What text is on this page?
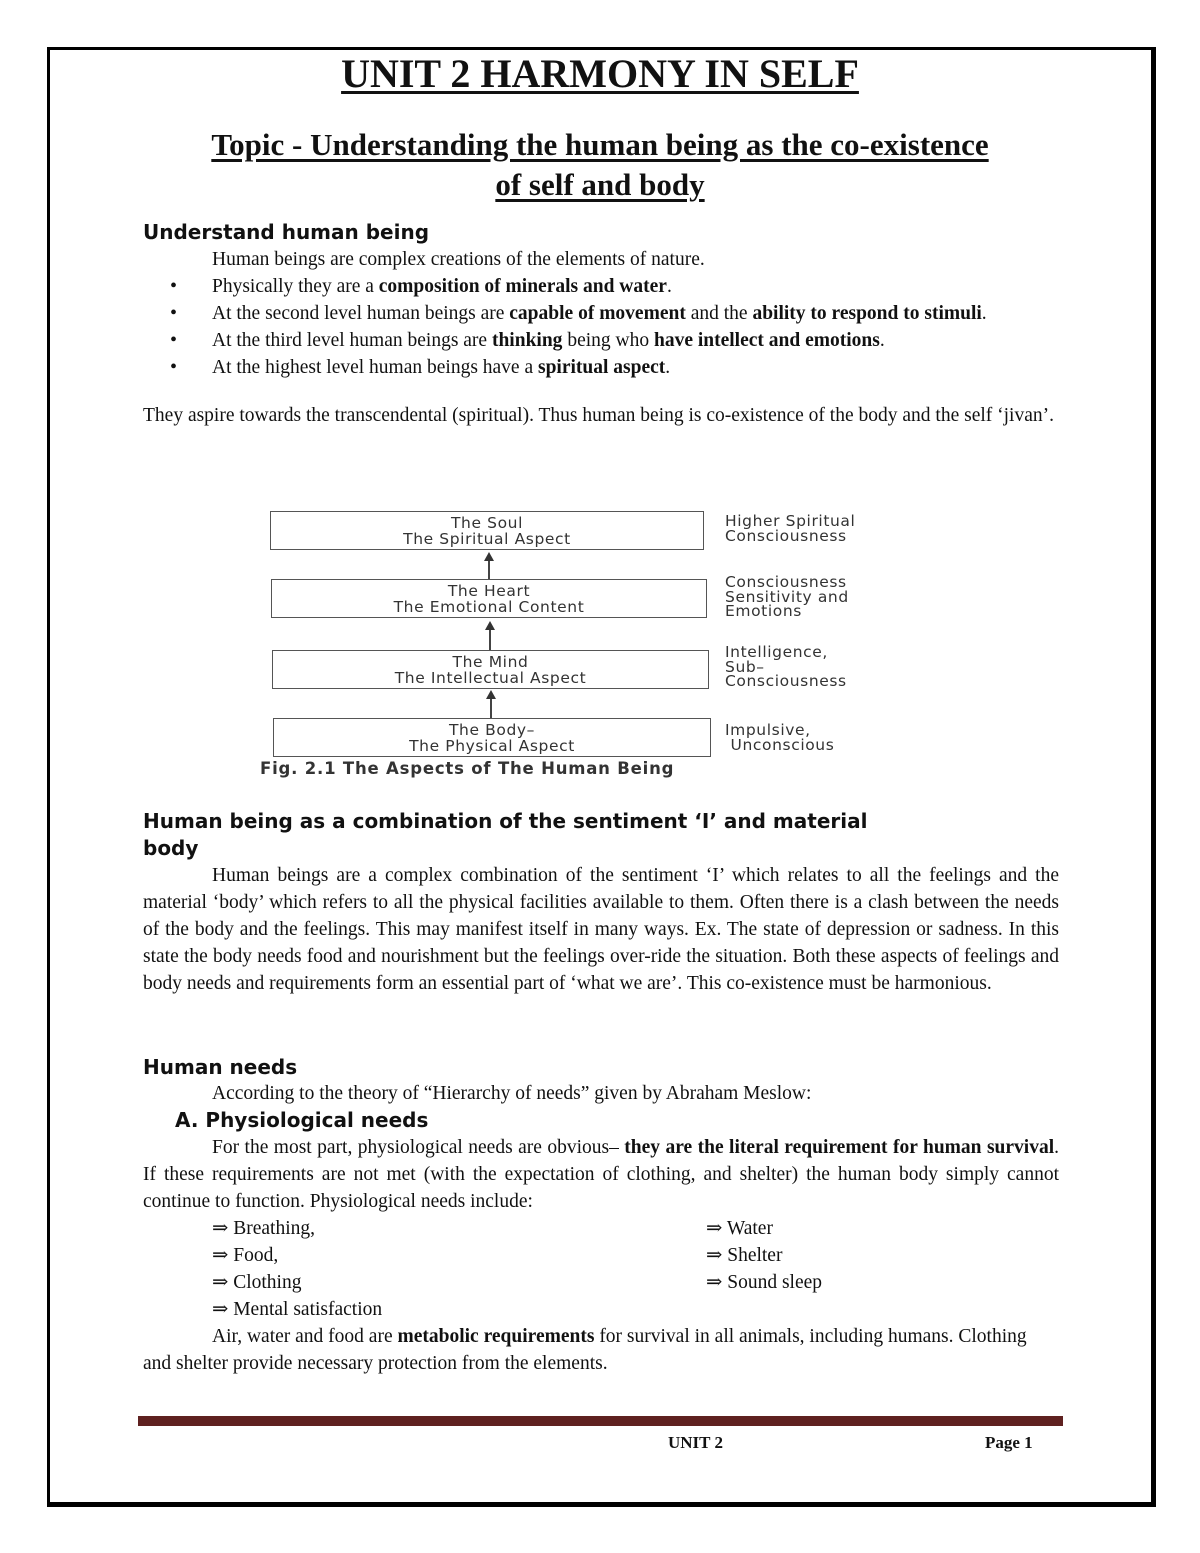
UNIT 2 HARMONY IN SELF
Topic - Understanding the human being as the co-existence
of self and body
Understand human being
Human beings are complex creations of the elements of nature.
• Physically they are a composition of minerals and water.
• At the second level human beings are capable of movement and the ability to respond to stimuli.
• At the third level human beings are thinking being who have intellect and emotions.
• At the highest level human beings have a spiritual aspect.
They aspire towards the transcendental (spiritual). Thus human being is co-existence of the body and the self ‘jivan’.
The Soul
The Spiritual Aspect
Higher Spiritual
Consciousness
The Heart
The Emotional Content
Consciousness
Sensitivity and
Emotions
The Mind
The Intellectual Aspect
Intelligence,
Sub–
Consciousness
The Body–
The Physical Aspect
Impulsive,
Unconscious
Fig. 2.1 The Aspects of The Human Being
Human being as a combination of the sentiment ‘I’ and material
body
Human beings are a complex combination of the sentiment ‘I’ which relates to all the feelings and the material ‘body’ which refers to all the physical facilities available to them. Often there is a clash between the needs of the body and the feelings. This may manifest itself in many ways. Ex. The state of depression or sadness. In this state the body needs food and nourishment but the feelings over-ride the situation. Both these aspects of feelings and body needs and requirements form an essential part of ‘what we are’. This co-existence must be harmonious.
Human needs
According to the theory of “Hierarchy of needs” given by Abraham Meslow:
A. Physiological needs
For the most part, physiological needs are obvious– they are the literal requirement for human survival. If these requirements are not met (with the expectation of clothing, and shelter) the human body simply cannot continue to function. Physiological needs include:
⇒ Breathing,	⇒ Water
⇒ Food,	⇒ Shelter
⇒ Clothing	⇒ Sound sleep
⇒ Mental satisfaction
Air, water and food are metabolic requirements for survival in all animals, including humans. Clothing and shelter provide necessary protection from the elements.
UNIT 2	Page 1
